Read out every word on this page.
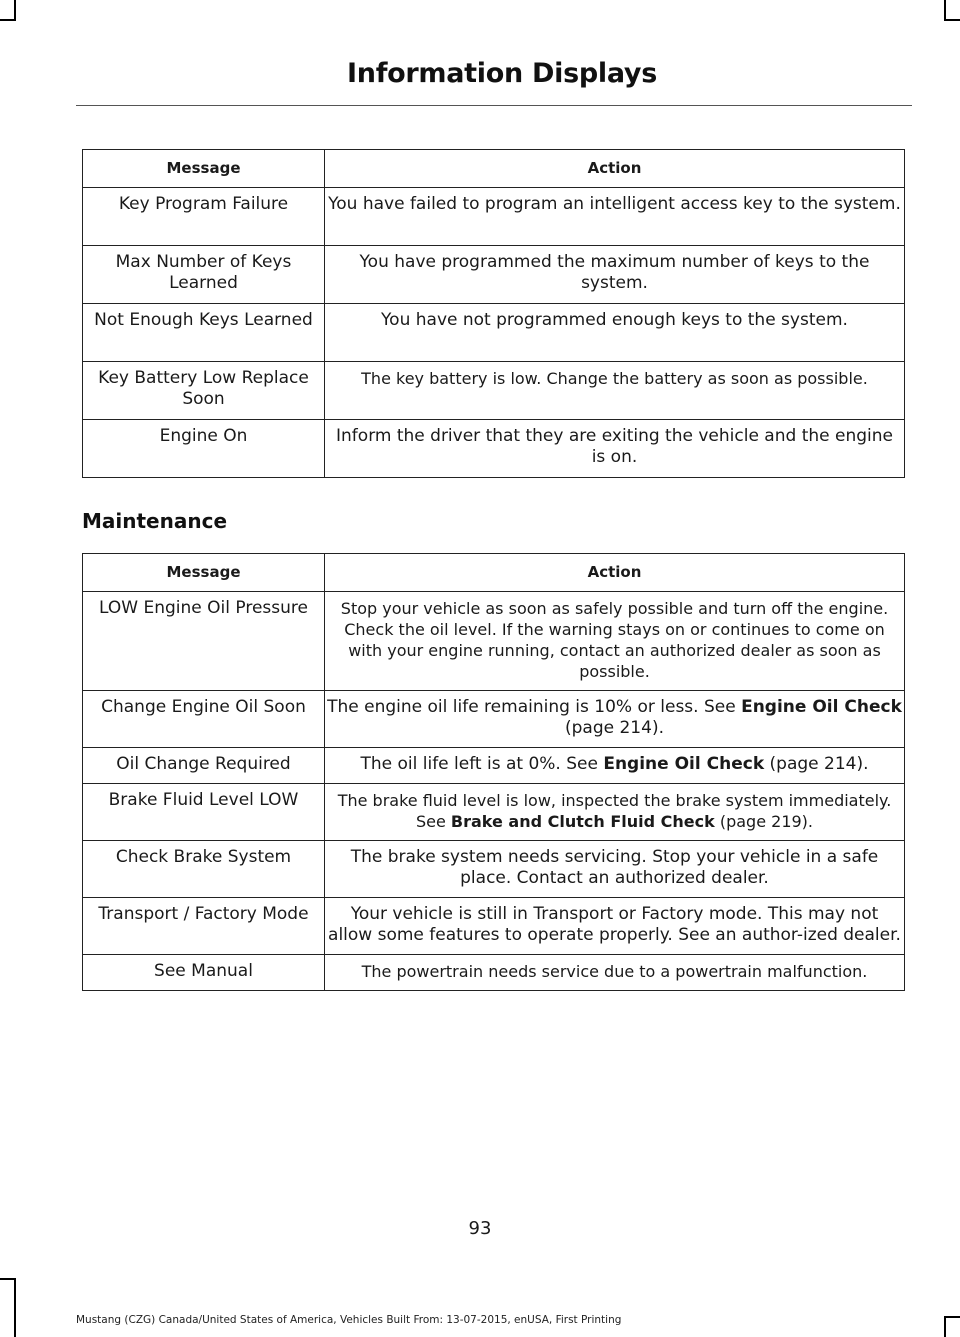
Information Displays
Message	Action
Key Program Failure	You have failed to program an intelligent access key to the system.
Max Number of Keys Learned	You have programmed the maximum number of keys to the system.
Not Enough Keys Learned	You have not programmed enough keys to the system.
Key Battery Low Replace Soon	The key battery is low. Change the battery as soon as possible.
Engine On	Inform the driver that they are exiting the vehicle and the engine is on.
Maintenance
Message	Action
LOW Engine Oil Pressure	Stop your vehicle as soon as safely possible and turn off the engine. Check the oil level. If the warning stays on or continues to come on with your engine running, contact an authorized dealer as soon as possible.
Change Engine Oil Soon	The engine oil life remaining is 10% or less. See Engine Oil Check (page 214).
Oil Change Required	The oil life left is at 0%. See Engine Oil Check (page 214).
Brake Fluid Level LOW	The brake fluid level is low, inspected the brake system immediately. See Brake and Clutch Fluid Check (page 219).
Check Brake System	The brake system needs servicing. Stop your vehicle in a safe place. Contact an authorized dealer.
Transport / Factory Mode	Your vehicle is still in Transport or Factory mode. This may not allow some features to operate properly. See an author-ized dealer.
See Manual	The powertrain needs service due to a powertrain malfunction.
93
Mustang (CZG) Canada/United States of America, Vehicles Built From: 13-07-2015, enUSA, First Printing
